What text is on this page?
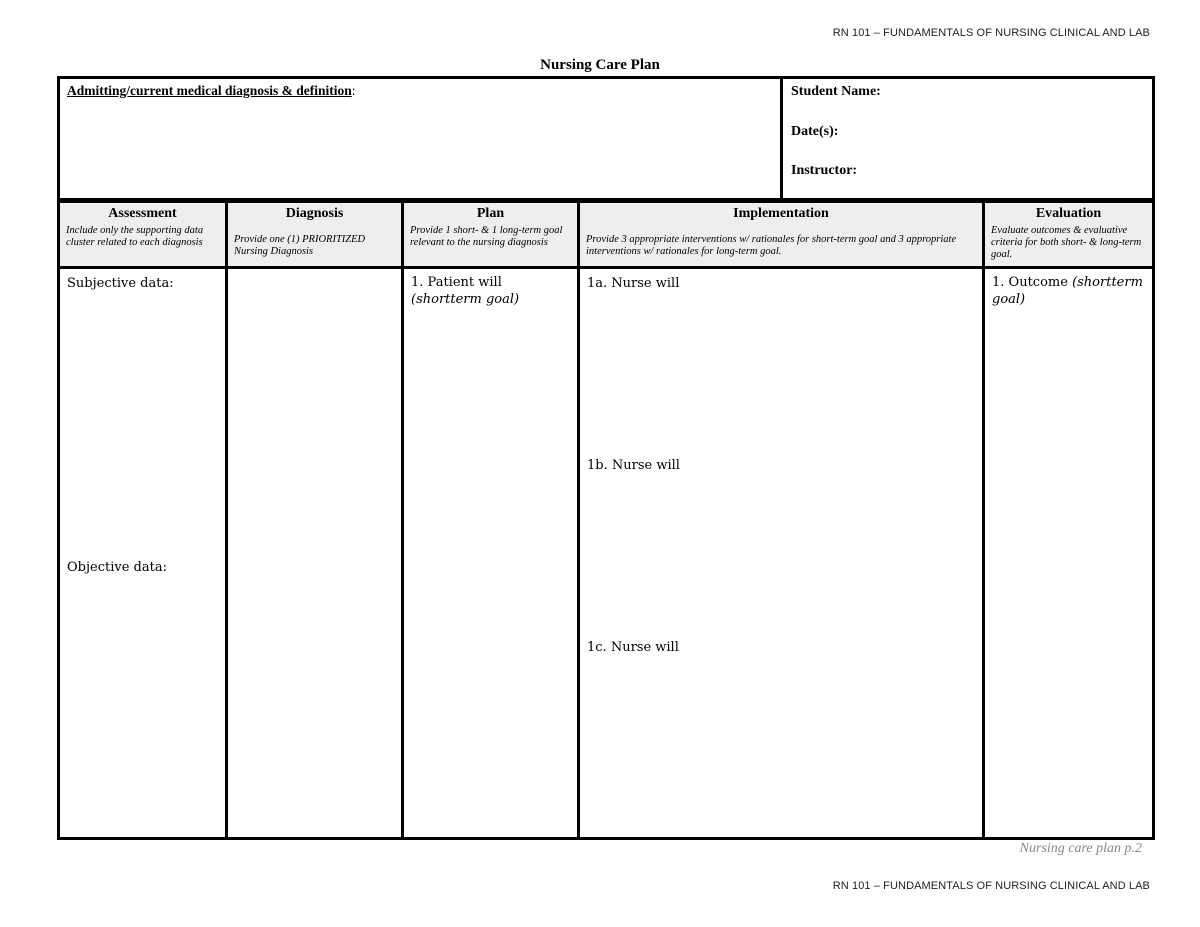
RN 101 – FUNDAMENTALS OF NURSING CLINICAL AND LAB
Nursing Care Plan
Admitting/current medical diagnosis & definition:	Student Name:
Date(s):
Instructor:
Assessment
Include only the supporting data cluster related to each diagnosis
Subjective data:
Objective data:
Diagnosis
Provide one (1) PRIORITIZED Nursing Diagnosis
Plan
Provide 1 short- & 1 long-term goal relevant to the nursing diagnosis
1. Patient will
(shortterm goal)
Implementation
Provide 3 appropriate interventions w/ rationales for short-term goal and 3 appropriate interventions w/ rationales for long-term goal.
1a. Nurse will
1b. Nurse will
1c. Nurse will
Evaluation
Evaluate outcomes & evaluative criteria for both short- & long-term goal.
1. Outcome (shortterm goal)
Nursing care plan p.2
RN 101 – FUNDAMENTALS OF NURSING CLINICAL AND LAB
